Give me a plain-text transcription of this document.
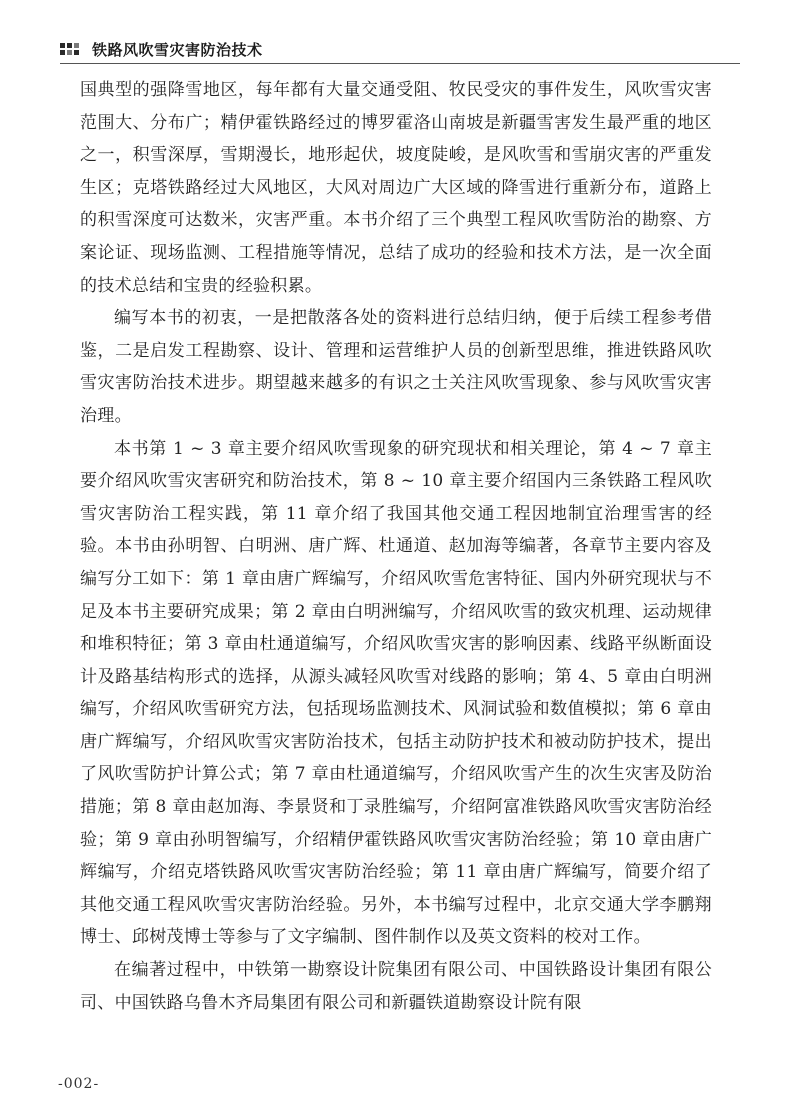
铁路风吹雪灾害防治技术

国典型的强降雪地区，每年都有大量交通受阻、牧民受灾的事件发生，风吹雪灾害范围大、分布广；精伊霍铁路经过的博罗霍洛山南坡是新疆雪害发生最严重的地区之一，积雪深厚，雪期漫长，地形起伏，坡度陡峻，是风吹雪和雪崩灾害的严重发生区；克塔铁路经过大风地区，大风对周边广大区域的降雪进行重新分布，道路上的积雪深度可达数米，灾害严重。本书介绍了三个典型工程风吹雪防治的勘察、方案论证、现场监测、工程措施等情况，总结了成功的经验和技术方法，是一次全面的技术总结和宝贵的经验积累。

编写本书的初衷，一是把散落各处的资料进行总结归纳，便于后续工程参考借鉴，二是启发工程勘察、设计、管理和运营维护人员的创新型思维，推进铁路风吹雪灾害防治技术进步。期望越来越多的有识之士关注风吹雪现象、参与风吹雪灾害治理。

本书第 1 ~ 3 章主要介绍风吹雪现象的研究现状和相关理论，第 4 ~ 7 章主要介绍风吹雪灾害研究和防治技术，第 8 ~ 10 章主要介绍国内三条铁路工程风吹雪灾害防治工程实践，第 11 章介绍了我国其他交通工程因地制宜治理雪害的经验。本书由孙明智、白明洲、唐广辉、杜通道、赵加海等编著，各章节主要内容及编写分工如下：第 1 章由唐广辉编写，介绍风吹雪危害特征、国内外研究现状与不足及本书主要研究成果；第 2 章由白明洲编写，介绍风吹雪的致灾机理、运动规律和堆积特征；第 3 章由杜通道编写，介绍风吹雪灾害的影响因素、线路平纵断面设计及路基结构形式的选择，从源头减轻风吹雪对线路的影响；第 4、5 章由白明洲编写，介绍风吹雪研究方法，包括现场监测技术、风洞试验和数值模拟；第 6 章由唐广辉编写，介绍风吹雪灾害防治技术，包括主动防护技术和被动防护技术，提出了风吹雪防护计算公式；第 7 章由杜通道编写，介绍风吹雪产生的次生灾害及防治措施；第 8 章由赵加海、李景贤和丁录胜编写，介绍阿富准铁路风吹雪灾害防治经验；第 9 章由孙明智编写，介绍精伊霍铁路风吹雪灾害防治经验；第 10 章由唐广辉编写，介绍克塔铁路风吹雪灾害防治经验；第 11 章由唐广辉编写，简要介绍了其他交通工程风吹雪灾害防治经验。另外，本书编写过程中，北京交通大学李鹏翔博士、邱树茂博士等参与了文字编制、图件制作以及英文资料的校对工作。

在编著过程中，中铁第一勘察设计院集团有限公司、中国铁路设计集团有限公司、中国铁路乌鲁木齐局集团有限公司和新疆铁道勘察设计院有限

-002-
